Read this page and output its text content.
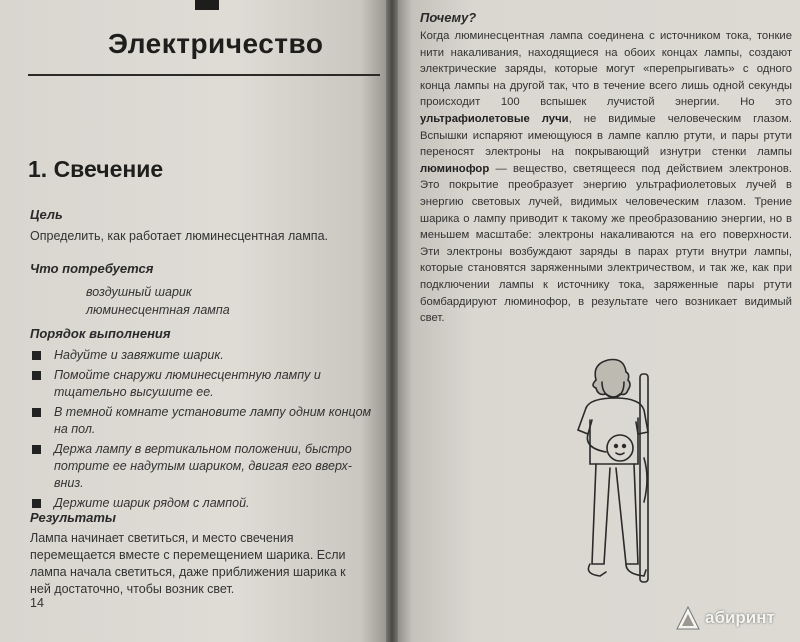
Электричество
1. Свечение
Цель

Определить, как работает люминесцентная лампа.

Что потребуется
воздушный шарик
люминесцентная лампа
Порядок выполнения
Надуйте и завяжите шарик.
Помойте снаружи люминесцентную лампу и тщательно высушите ее.
В темной комнате установите лампу одним концом на пол.
Держа лампу в вертикальном положении, быстро потрите ее надутым шариком, двигая его вверх-вниз.
Держите шарик рядом с лампой.
Результаты

Лампа начинает светиться, и место свечения перемещается вместе с перемещением шарика. Если лампа начала светиться, даже приближения шарика к ней достаточно, чтобы возник свет.

14

Почему?

Когда люминесцентная лампа соединена с источником тока, тонкие нити накаливания, находящиеся на обоих концах лампы, создают электрические заряды, которые могут «перепрыгивать» с одного конца лампы на другой так, что в течение всего лишь одной секунды происходит 100 вспышек лучистой энергии. Но это ультрафиолетовые лучи, не видимые человеческим глазом. Вспышки испаряют имеющуюся в лампе каплю ртути, и пары ртути переносят электроны на покрывающий изнутри стенки лампы люминофор — вещество, светящееся под действием электронов. Это покрытие преобразует энергию ультрафиолетовых лучей в энергию световых лучей, видимых человеческим глазом. Трение шарика о лампу приводит к такому же преобразованию энергии, но в меньшем масштабе: электроны накаливаются на его поверхности. Эти электроны возбуждают заряды в парах ртути внутри лампы, которые становятся заряженными электричеством, и так же, как при подключении лампы к источнику тока, заряженные пары ртути бомбардируют люминофор, в результате чего возникает видимый свет.

абиринт
